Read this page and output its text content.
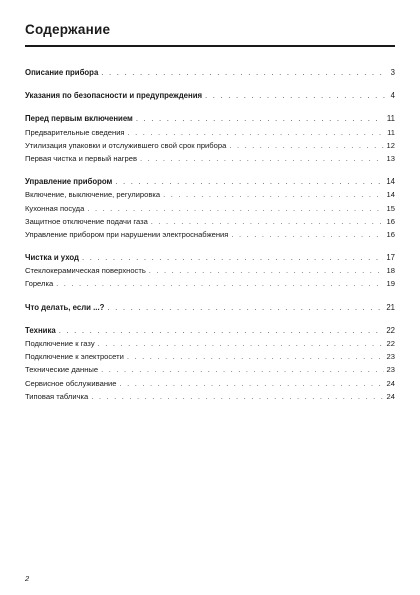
Содержание
Описание прибора . . .	3
Указания по безопасности и предупреждения . . .	4
Перед первым включением . . .	11
Предварительные сведения . . .	11
Утилизация упаковки и отслужившего свой срок прибора . . .	12
Первая чистка и первый нагрев . . .	13
Управление прибором . . .	14
Включение, выключение, регулировка . . .	14
Кухонная посуда . . .	15
Защитное отключение подачи газа . . .	16
Управление прибором при нарушении электроснабжения . . .	16
Чистка и уход . . .	17
Стеклокерамическая поверхность . . .	18
Горелка . . .	19
Что делать, если ...? . . .	21
Техника . . .	22
Подключение к газу . . .	22
Подключение к электросети . . .	23
Технические данные . . .	23
Сервисное обслуживание . . .	24
Типовая табличка . . .	24
2
